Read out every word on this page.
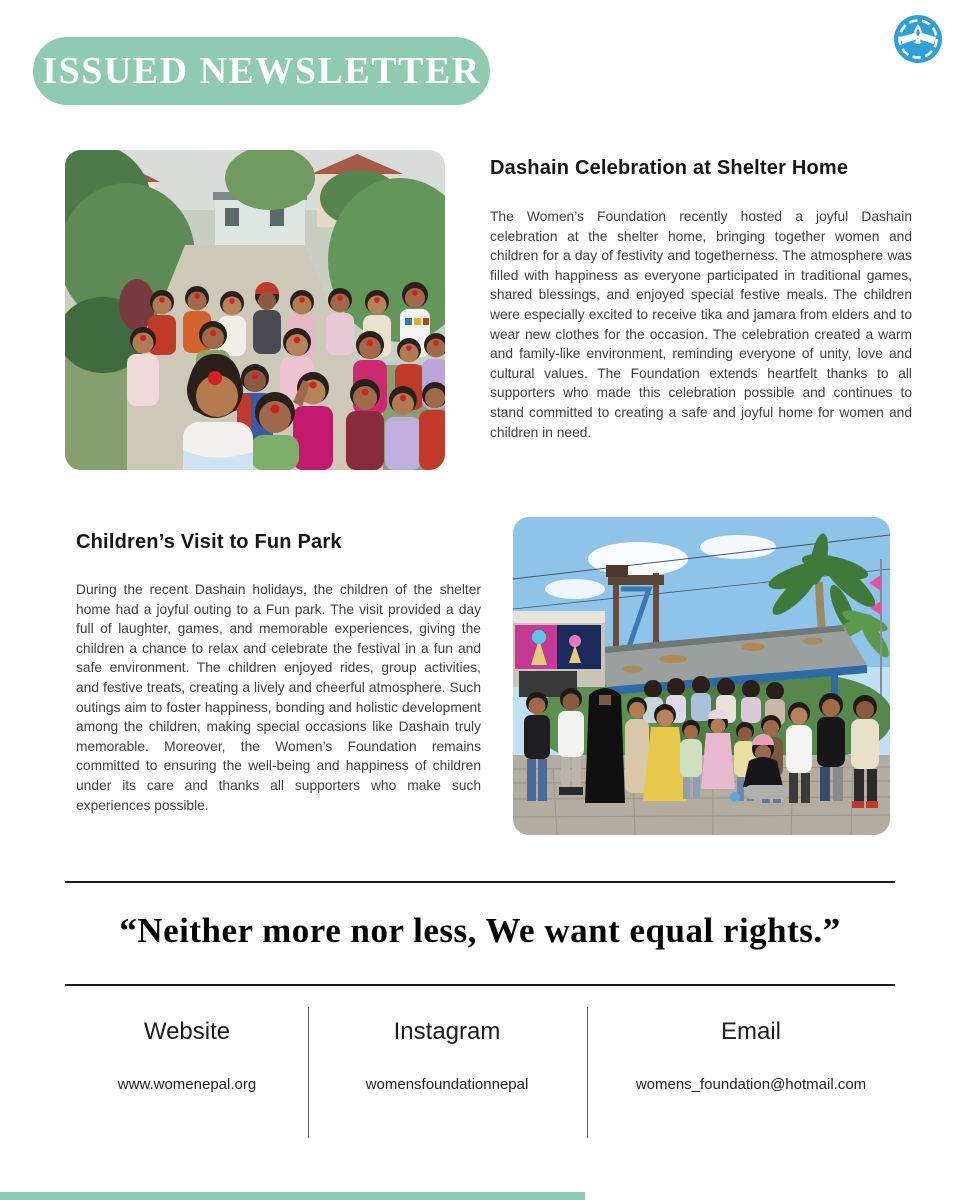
ISSUED NEWSLETTER
Dashain Celebration at Shelter Home
The Women’s Foundation recently hosted a joyful Dashain celebration at the shelter home, bringing together women and children for a day of festivity and togetherness. The atmosphere was filled with happiness as everyone participated in traditional games, shared blessings, and enjoyed special festive meals. The children were especially excited to receive tika and jamara from elders and to wear new clothes for the occasion. The celebration created a warm and family-like environment, reminding everyone of unity, love and cultural values. The Foundation extends heartfelt thanks to all supporters who made this celebration possible and continues to stand committed to creating a safe and joyful home for women and children in need.
Children’s Visit to Fun Park
During the recent Dashain holidays, the children of the shelter home had a joyful outing to a Fun park. The visit provided a day full of laughter, games, and memorable experiences, giving the children a chance to relax and celebrate the festival in a fun and safe environment. The children enjoyed rides, group activities, and festive treats, creating a lively and cheerful atmosphere. Such outings aim to foster happiness, bonding and holistic development among the children, making special occasions like Dashain truly memorable. Moreover, the Women’s Foundation remains committed to ensuring the well-being and happiness of children under its care and thanks all supporters who make such experiences possible.
“Neither more nor less, We want equal rights.”
Website
www.womenepal.org
Instagram
womensfoundationnepal
Email
womens_foundation@hotmail.com
